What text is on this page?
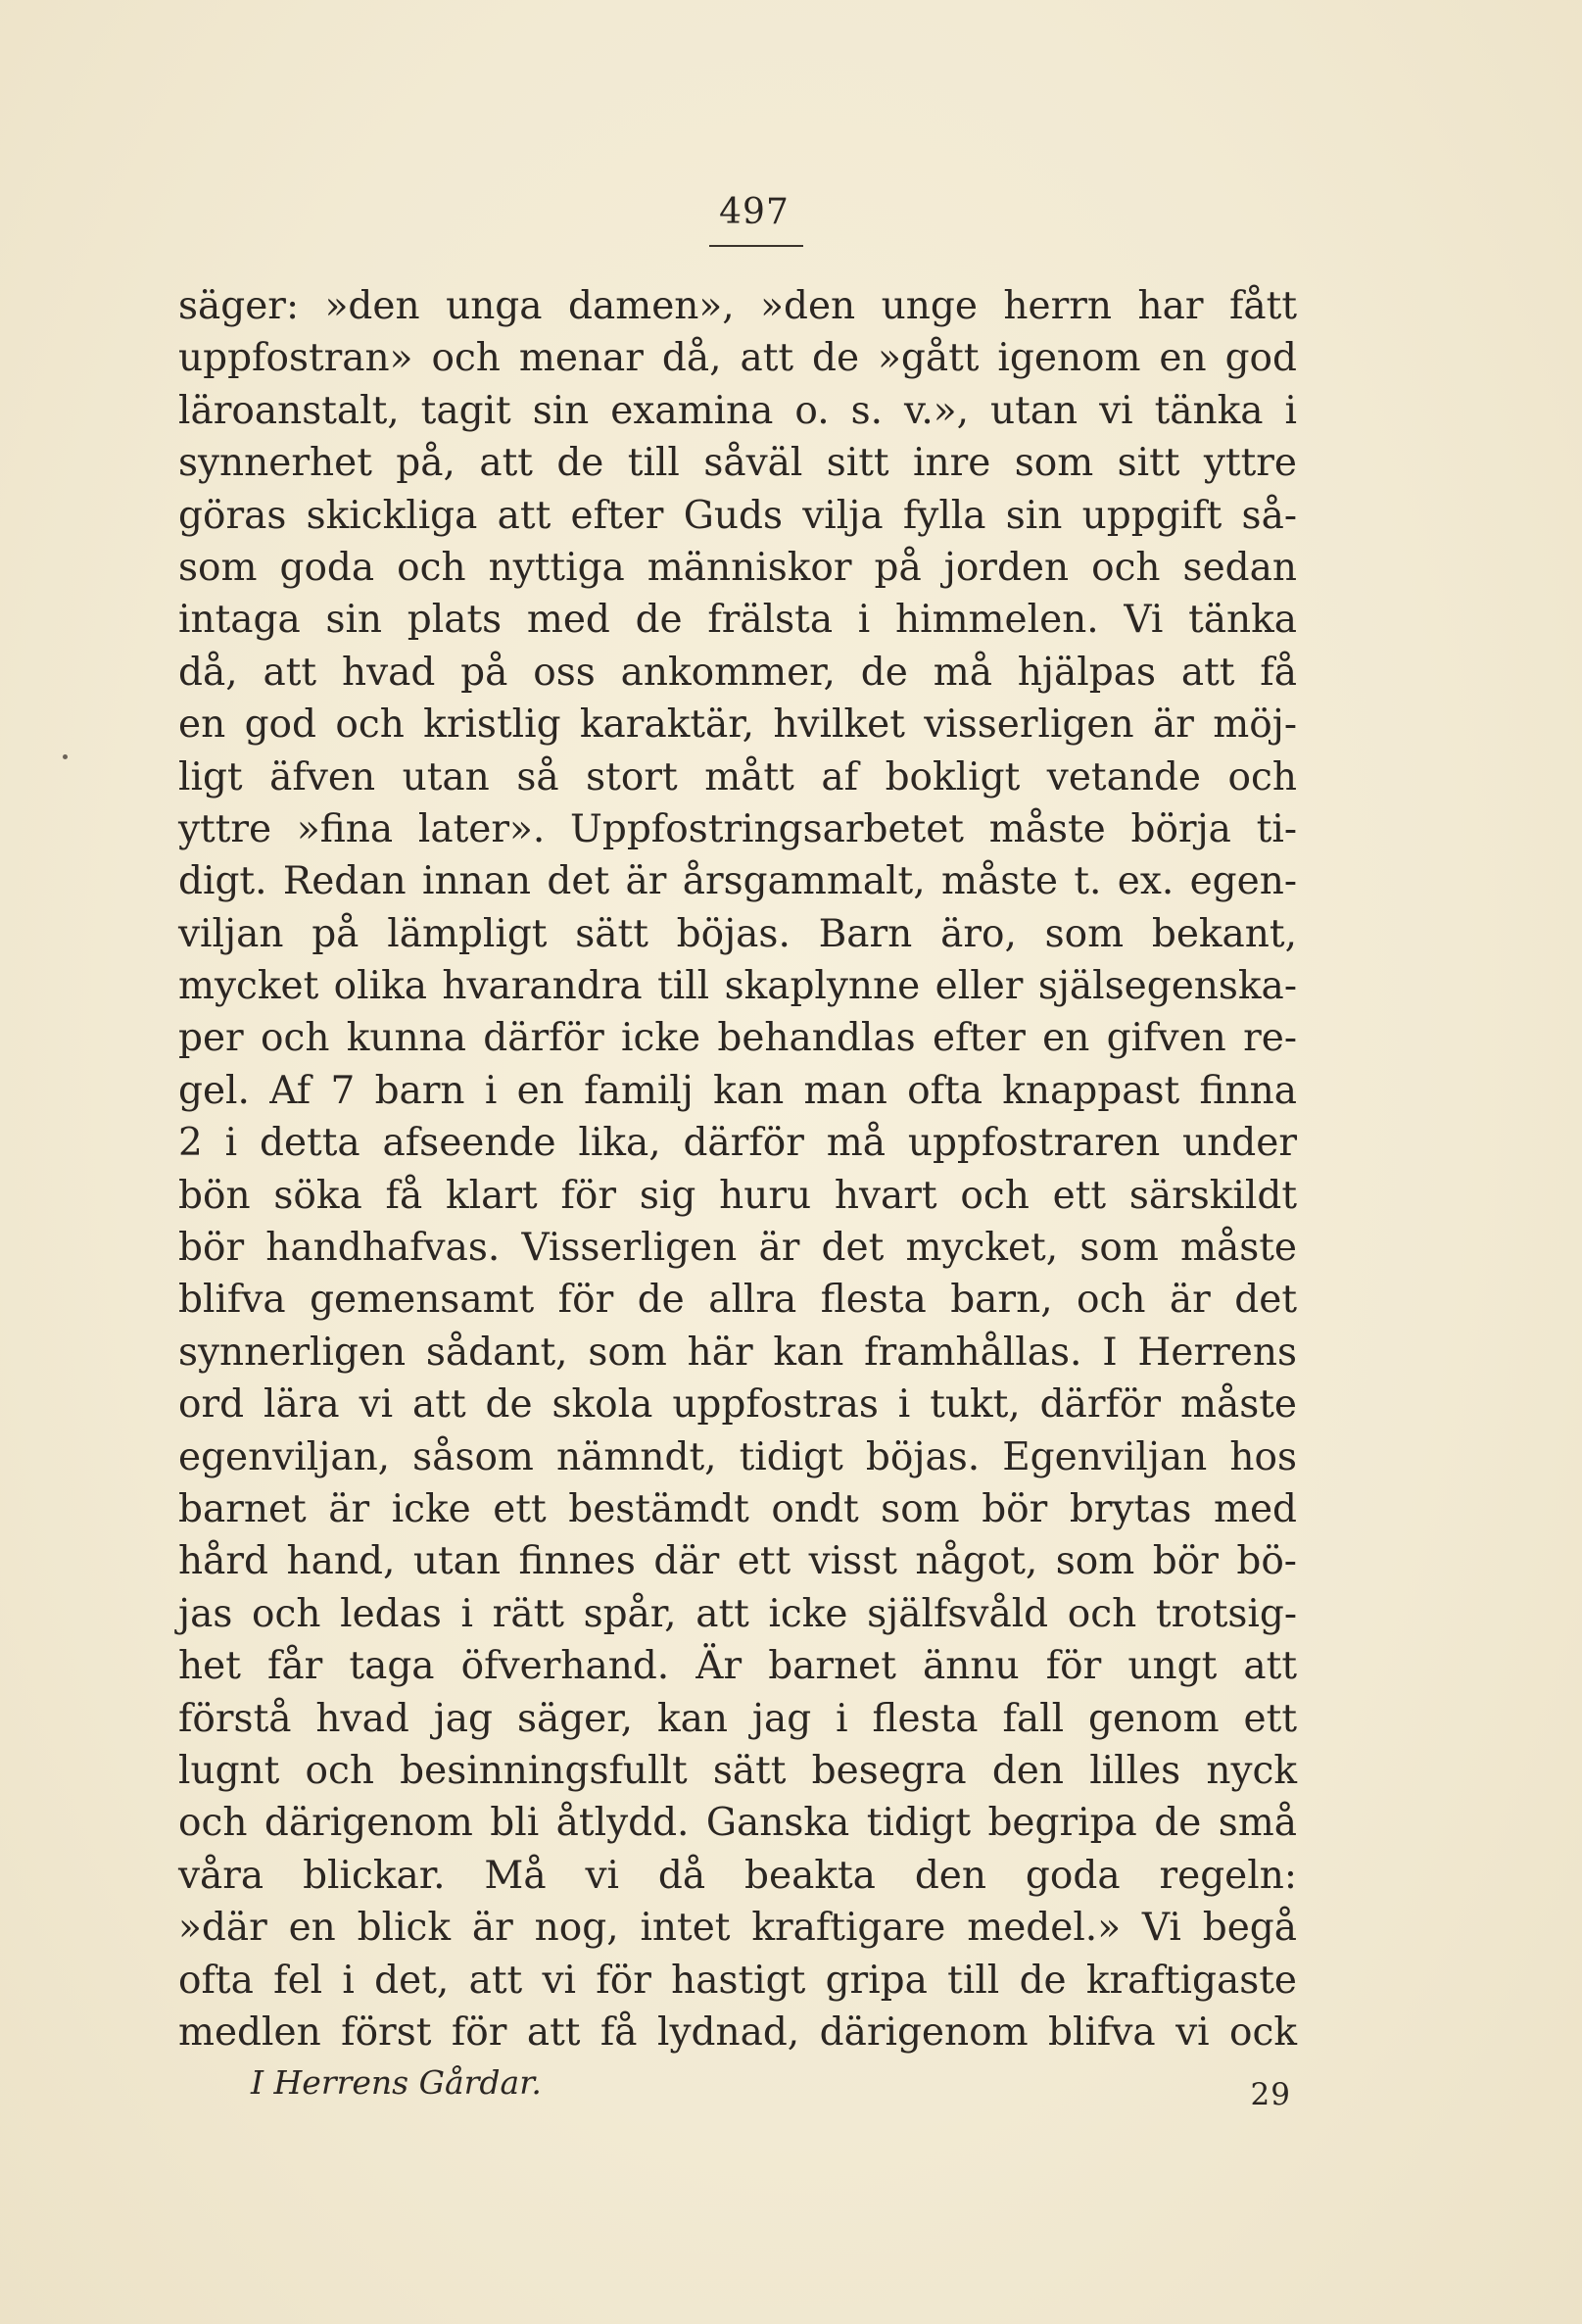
497
säger: »den unga damen», »den unge herrn har fått
uppfostran» och menar då, att de »gått igenom en god
läroanstalt, tagit sin examina o. s. v.», utan vi tänka i
synnerhet på, att de till såväl sitt inre som sitt yttre
göras skickliga att efter Guds vilja fylla sin uppgift så-
som goda och nyttiga människor på jorden och sedan
intaga sin plats med de frälsta i himmelen. Vi tänka
då, att hvad på oss ankommer, de må hjälpas att få
en god och kristlig karaktär, hvilket visserligen är möj-
ligt äfven utan så stort mått af bokligt vetande och
yttre »fina later». Uppfostringsarbetet måste börja ti-
digt. Redan innan det är årsgammalt, måste t. ex. egen-
viljan på lämpligt sätt böjas. Barn äro, som bekant,
mycket olika hvarandra till skaplynne eller själsegenska-
per och kunna därför icke behandlas efter en gifven re-
gel. Af 7 barn i en familj kan man ofta knappast finna
2 i detta afseende lika, därför må uppfostraren under
bön söka få klart för sig huru hvart och ett särskildt
bör handhafvas. Visserligen är det mycket, som måste
blifva gemensamt för de allra flesta barn, och är det
synnerligen sådant, som här kan framhållas. I Herrens
ord lära vi att de skola uppfostras i tukt, därför måste
egenviljan, såsom nämndt, tidigt böjas. Egenviljan hos
barnet är icke ett bestämdt ondt som bör brytas med
hård hand, utan finnes där ett visst något, som bör bö-
jas och ledas i rätt spår, att icke själfsvåld och trotsig-
het får taga öfverhand. Är barnet ännu för ungt att
förstå hvad jag säger, kan jag i flesta fall genom ett
lugnt och besinningsfullt sätt besegra den lilles nyck
och därigenom bli åtlydd. Ganska tidigt begripa de små
våra blickar. Må vi då beakta den goda regeln:
»där en blick är nog, intet kraftigare medel.» Vi begå
ofta fel i det, att vi för hastigt gripa till de kraftigaste
medlen först för att få lydnad, därigenom blifva vi ock
I Herrens Gårdar.	29
